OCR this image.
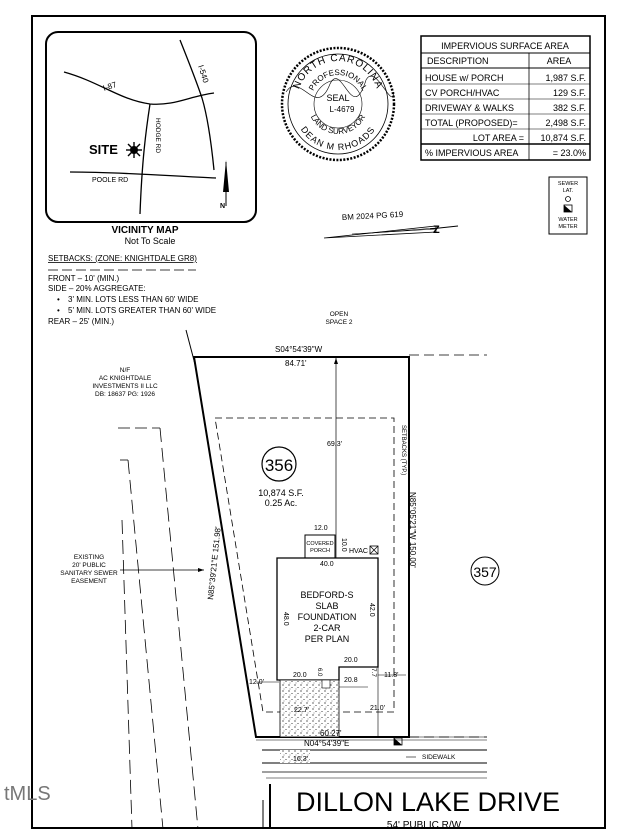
I-87
I-540
HODGE RD
POOLE RD
SITE
N
VICINITY MAP
Not To Scale
NORTH CAROLINA
PROFESSIONAL
SEAL
L-4679
DEAN M RHOADS
LAND SURVEYOR
IMPERVIOUS SURFACE AREA
DESCRIPTION	AREA
HOUSE w/ PORCH	1,987 S.F.
CV PORCH/HVAC	129 S.F.
DRIVEWAY & WALKS	382 S.F.
TOTAL (PROPOSED)=	2,498 S.F.
LOT AREA = 10,874 S.F.
% IMPERVIOUS AREA	= 23.0%
SEWER
LAT.
WATER
METER
BM 2024 PG 619
Z
SETBACKS: (ZONE: KNIGHTDALE GR8)
FRONT – 10' (MIN.)
SIDE – 20% AGGREGATE:
• 3' MIN. LOTS LESS THAN 60' WIDE
• 5' MIN. LOTS GREATER THAN 60' WIDE
REAR – 25' (MIN.)
OPEN
SPACE 2
N/F
AC KNIGHTDALE
INVESTMENTS II LLC
DB: 18637 PG: 1926
EXISTING
20' PUBLIC
SANITARY SEWER
EASEMENT
S04°54'39"W
84.71'
69.3'
356
10,874 S.F.
0.25 Ac.
SETBACKS (TYP.)
N85°05'21"W 150.00'
N85°39'21"E 151.98'	357
COVERED
PORCH
12.0
10.0 HVAC
40.0
48.0
42.0
20.0
BEDFORD-S
SLAB
FOUNDATION
2-CAR
PER PLAN
20.0 6.0
20.8
7.7
22.7'	21.0'
11.8'
12.0'
60.27'
N04°54'39"E
SIDEWALK
16.3'
DILLON LAKE DRIVE
54' PUBLIC R/W
tMLS
